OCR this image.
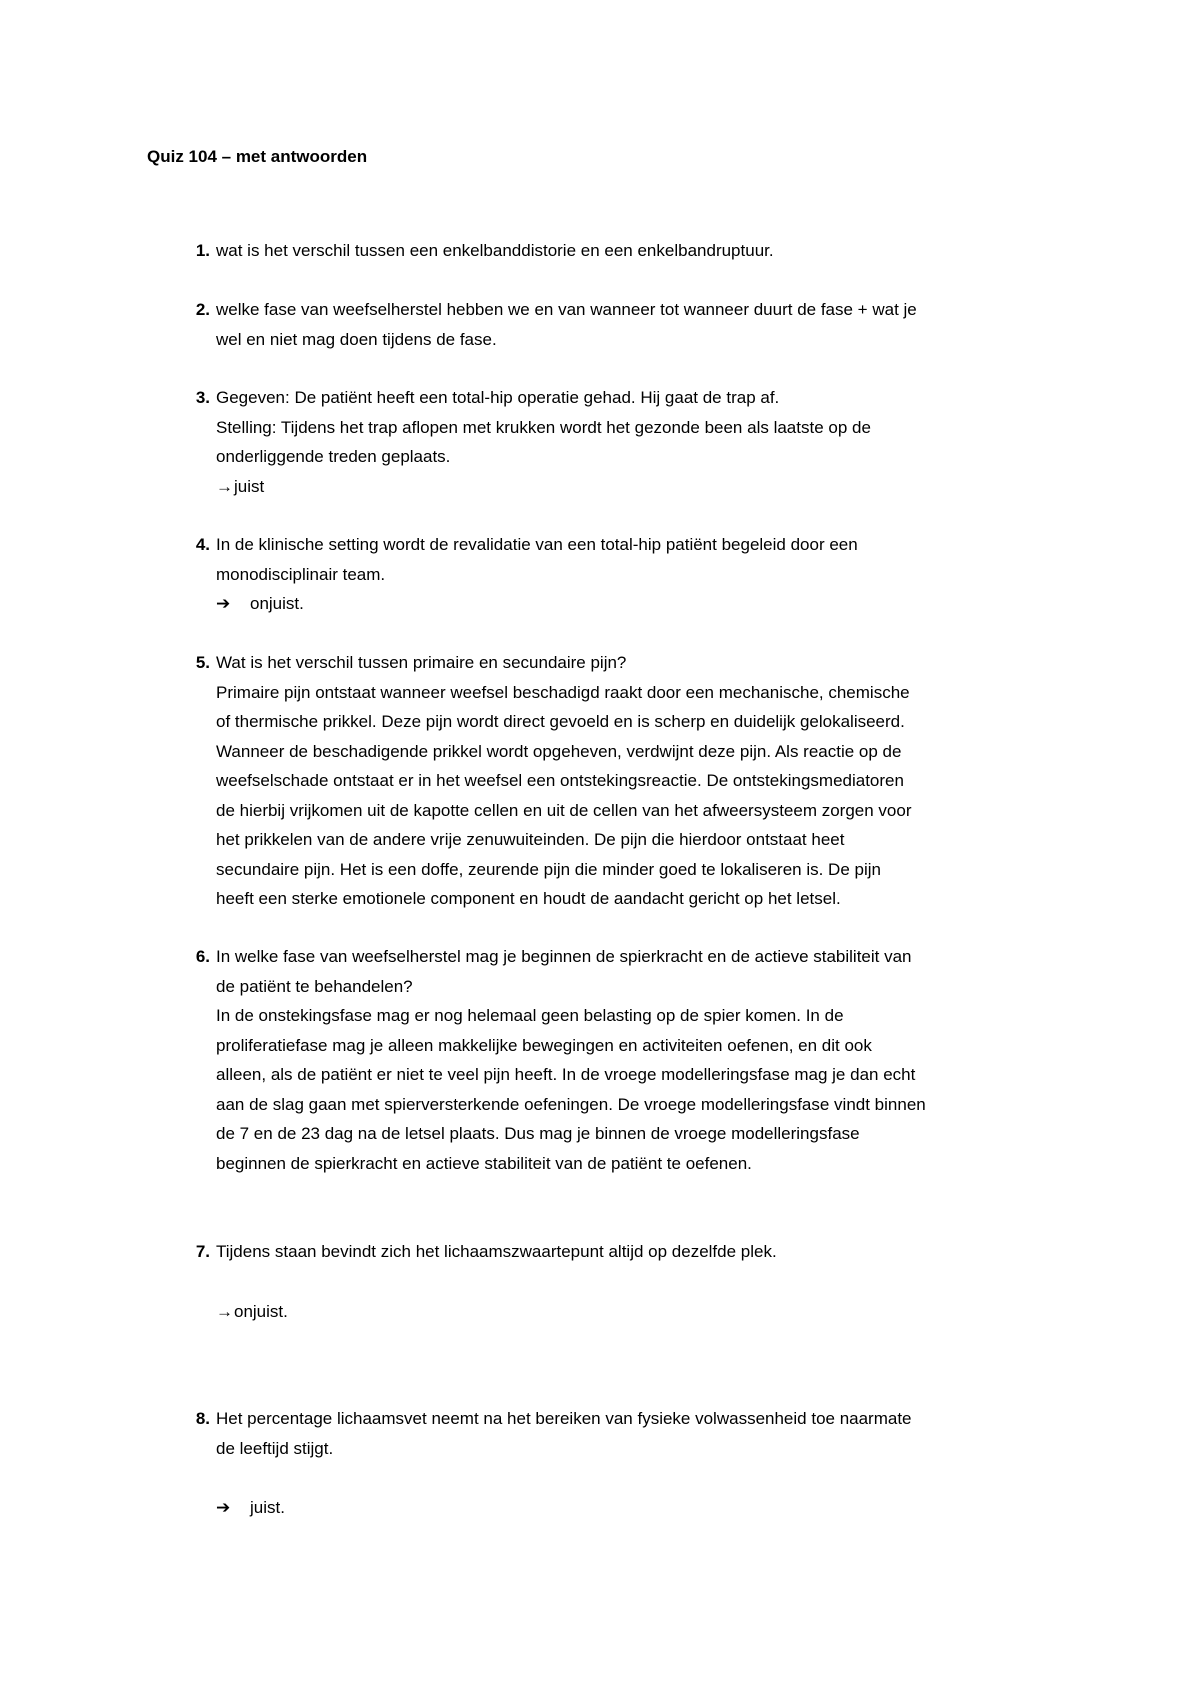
Quiz 104 – met antwoorden
1. wat is het verschil tussen een enkelbanddistorie en een enkelbandruptuur.
2. welke fase van weefselherstel hebben we en van wanneer tot wanneer duurt de fase + wat je
wel en niet mag doen tijdens de fase.
3. Gegeven: De patiënt heeft een total-hip operatie gehad. Hij gaat de trap af.
Stelling: Tijdens het trap aflopen met krukken wordt het gezonde been als laatste op de
onderliggende treden geplaats.
→juist
4. In de klinische setting wordt de revalidatie van een total-hip patiënt begeleid door een
monodisciplinair team.
➔ onjuist.
5. Wat is het verschil tussen primaire en secundaire pijn?
Primaire pijn ontstaat wanneer weefsel beschadigd raakt door een mechanische, chemische
of thermische prikkel. Deze pijn wordt direct gevoeld en is scherp en duidelijk gelokaliseerd.
Wanneer de beschadigende prikkel wordt opgeheven, verdwijnt deze pijn. Als reactie op de
weefselschade ontstaat er in het weefsel een ontstekingsreactie. De ontstekingsmediatoren
de hierbij vrijkomen uit de kapotte cellen en uit de cellen van het afweersysteem zorgen voor
het prikkelen van de andere vrije zenuwuiteinden. De pijn die hierdoor ontstaat heet
secundaire pijn. Het is een doffe, zeurende pijn die minder goed te lokaliseren is. De pijn
heeft een sterke emotionele component en houdt de aandacht gericht op het letsel.
6. In welke fase van weefselherstel mag je beginnen de spierkracht en de actieve stabiliteit van
de patiënt te behandelen?
In de onstekingsfase mag er nog helemaal geen belasting op de spier komen. In de
proliferatiefase mag je alleen makkelijke bewegingen en activiteiten oefenen, en dit ook
alleen, als de patiënt er niet te veel pijn heeft. In de vroege modelleringsfase mag je dan echt
aan de slag gaan met spierversterkende oefeningen. De vroege modelleringsfase vindt binnen
de 7 en de 23 dag na de letsel plaats. Dus mag je binnen de vroege modelleringsfase
beginnen de spierkracht en actieve stabiliteit van de patiënt te oefenen.
7. Tijdens staan bevindt zich het lichaamszwaartepunt altijd op dezelfde plek.
→onjuist.
8. Het percentage lichaamsvet neemt na het bereiken van fysieke volwassenheid toe naarmate
de leeftijd stijgt.
➔ juist.
